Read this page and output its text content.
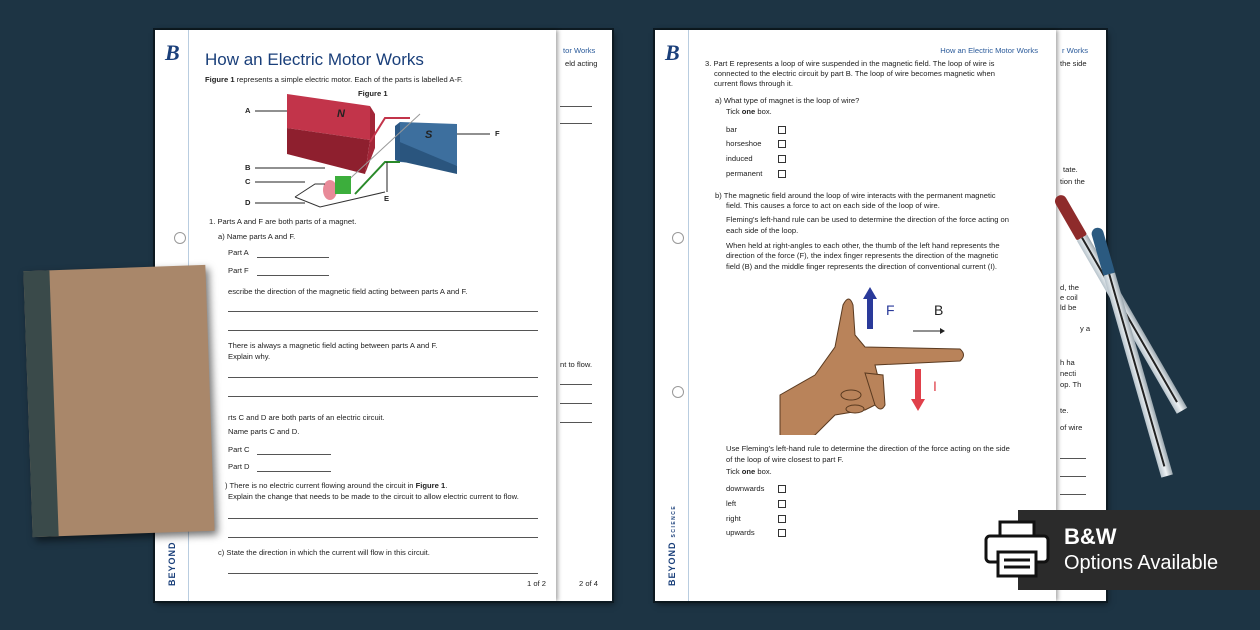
tor Works
eld acting
nt to flow.
2 of 4
B
BEYOND
How an Electric Motor Works
Figure 1 represents a simple electric motor. Each of the parts is labelled A-F.
Figure 1
N
S
A
F
B
C
D	E
1. Parts A and F are both parts of a magnet.
a) Name parts A and F.
Part A
Part F
escribe the direction of the magnetic field acting between parts A and F.
There is always a magnetic field acting between parts A and F.
Explain why.
rts C and D are both parts of an electric circuit.
Name parts C and D.
Part C
Part D
) There is no electric current flowing around the circuit in Figure 1.
Explain the change that needs to be made to the circuit to allow electric current to flow.
c) State the direction in which the current will flow in this circuit.
1 of 2
r Works
the side
tate.
tion the
d, the
e coil
ld be
y a
h ha
necti
op. Th
te.
of wire
B
BEYONDSCIENCE
How an Electric Motor Works
3. Part E represents a loop of wire suspended in the magnetic field. The loop of wire is
connected to the electric circuit by part B. The loop of wire becomes magnetic when
current flows through it.
a) What type of magnet is the loop of wire?
Tick one box.
bar
horseshoe
induced
permanent
b) The magnetic field around the loop of wire interacts with the permanent magnetic
field. This causes a force to act on each side of the loop of wire.
Fleming's left-hand rule can be used to determine the direction of the force acting on
each side of the loop.
When held at right-angles to each other, the thumb of the left hand represents the
direction of the force (F), the index finger represents the direction of the magnetic
field (B) and the middle finger represents the direction of conventional current (I).
F	B
I
Use Fleming's left-hand rule to determine the direction of the force acting on the side
of the loop of wire closest to part F.
Tick one box.
downwards
left
right
upwards	B&W
Options Available
